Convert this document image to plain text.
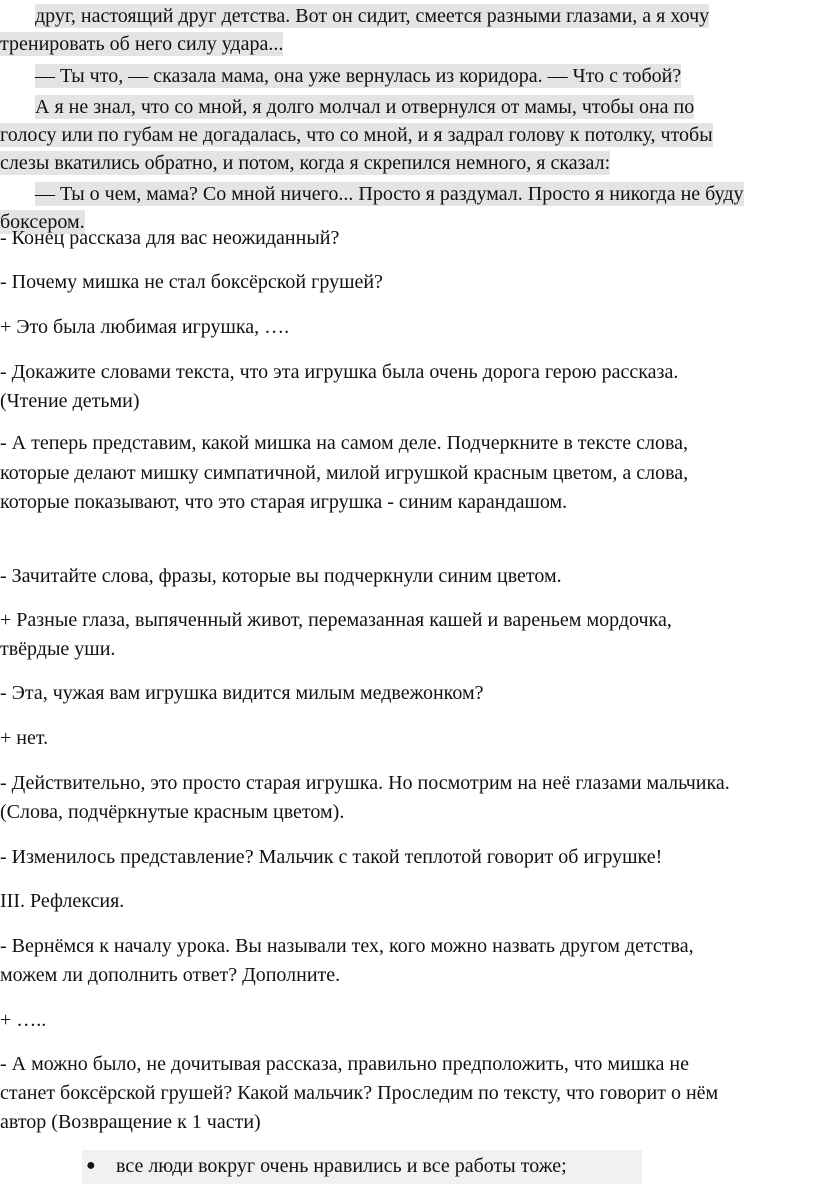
друг, настоящий друг детства. Вот он сидит, смеется разными глазами, а я хочу
тренировать об него силу удара...

— Ты что, — сказала мама, она уже вернулась из коридора. — Что с тобой?

А я не знал, что со мной, я долго молчал и отвернулся от мамы, чтобы она по
голосу или по губам не догадалась, что со мной, и я задрал голову к потолку, чтобы
слезы вкатились обратно, и потом, когда я скрепился немного, я сказал:

— Ты о чем, мама? Со мной ничего... Просто я раздумал. Просто я никогда не буду
боксером.

- Конец рассказа для вас неожиданный?

- Почему мишка не стал боксёрской грушей?

+ Это была любимая игрушка, ….

- Докажите словами текста, что эта игрушка была очень дорога герою рассказа.

(Чтение детьми)

- А теперь представим, какой мишка на самом деле. Подчеркните в тексте слова,

которые делают мишку симпатичной, милой игрушкой красным цветом, а слова,

которые показывают, что это старая игрушка - синим карандашом.

- Зачитайте слова, фразы, которые вы подчеркнули синим цветом.

+ Разные глаза, выпяченный живот, перемазанная кашей и вареньем мордочка,

твёрдые уши.

- Эта, чужая вам игрушка видится милым медвежонком?

+ нет.

- Действительно, это просто старая игрушка. Но посмотрим на неё глазами мальчика.

(Слова, подчёркнутые красным цветом).

- Изменилось представление? Мальчик с такой теплотой говорит об игрушке!

III. Рефлексия.

- Вернёмся к началу урока. Вы называли тех, кого можно назвать другом детства,

можем ли дополнить ответ? Дополните.

+ …..

- А можно было, не дочитывая рассказа, правильно предположить, что мишка не

станет боксёрской грушей? Какой мальчик? Проследим по тексту, что говорит о нём

автор (Возвращение к 1 части)

● все люди вокруг очень нравились и все работы тоже;
